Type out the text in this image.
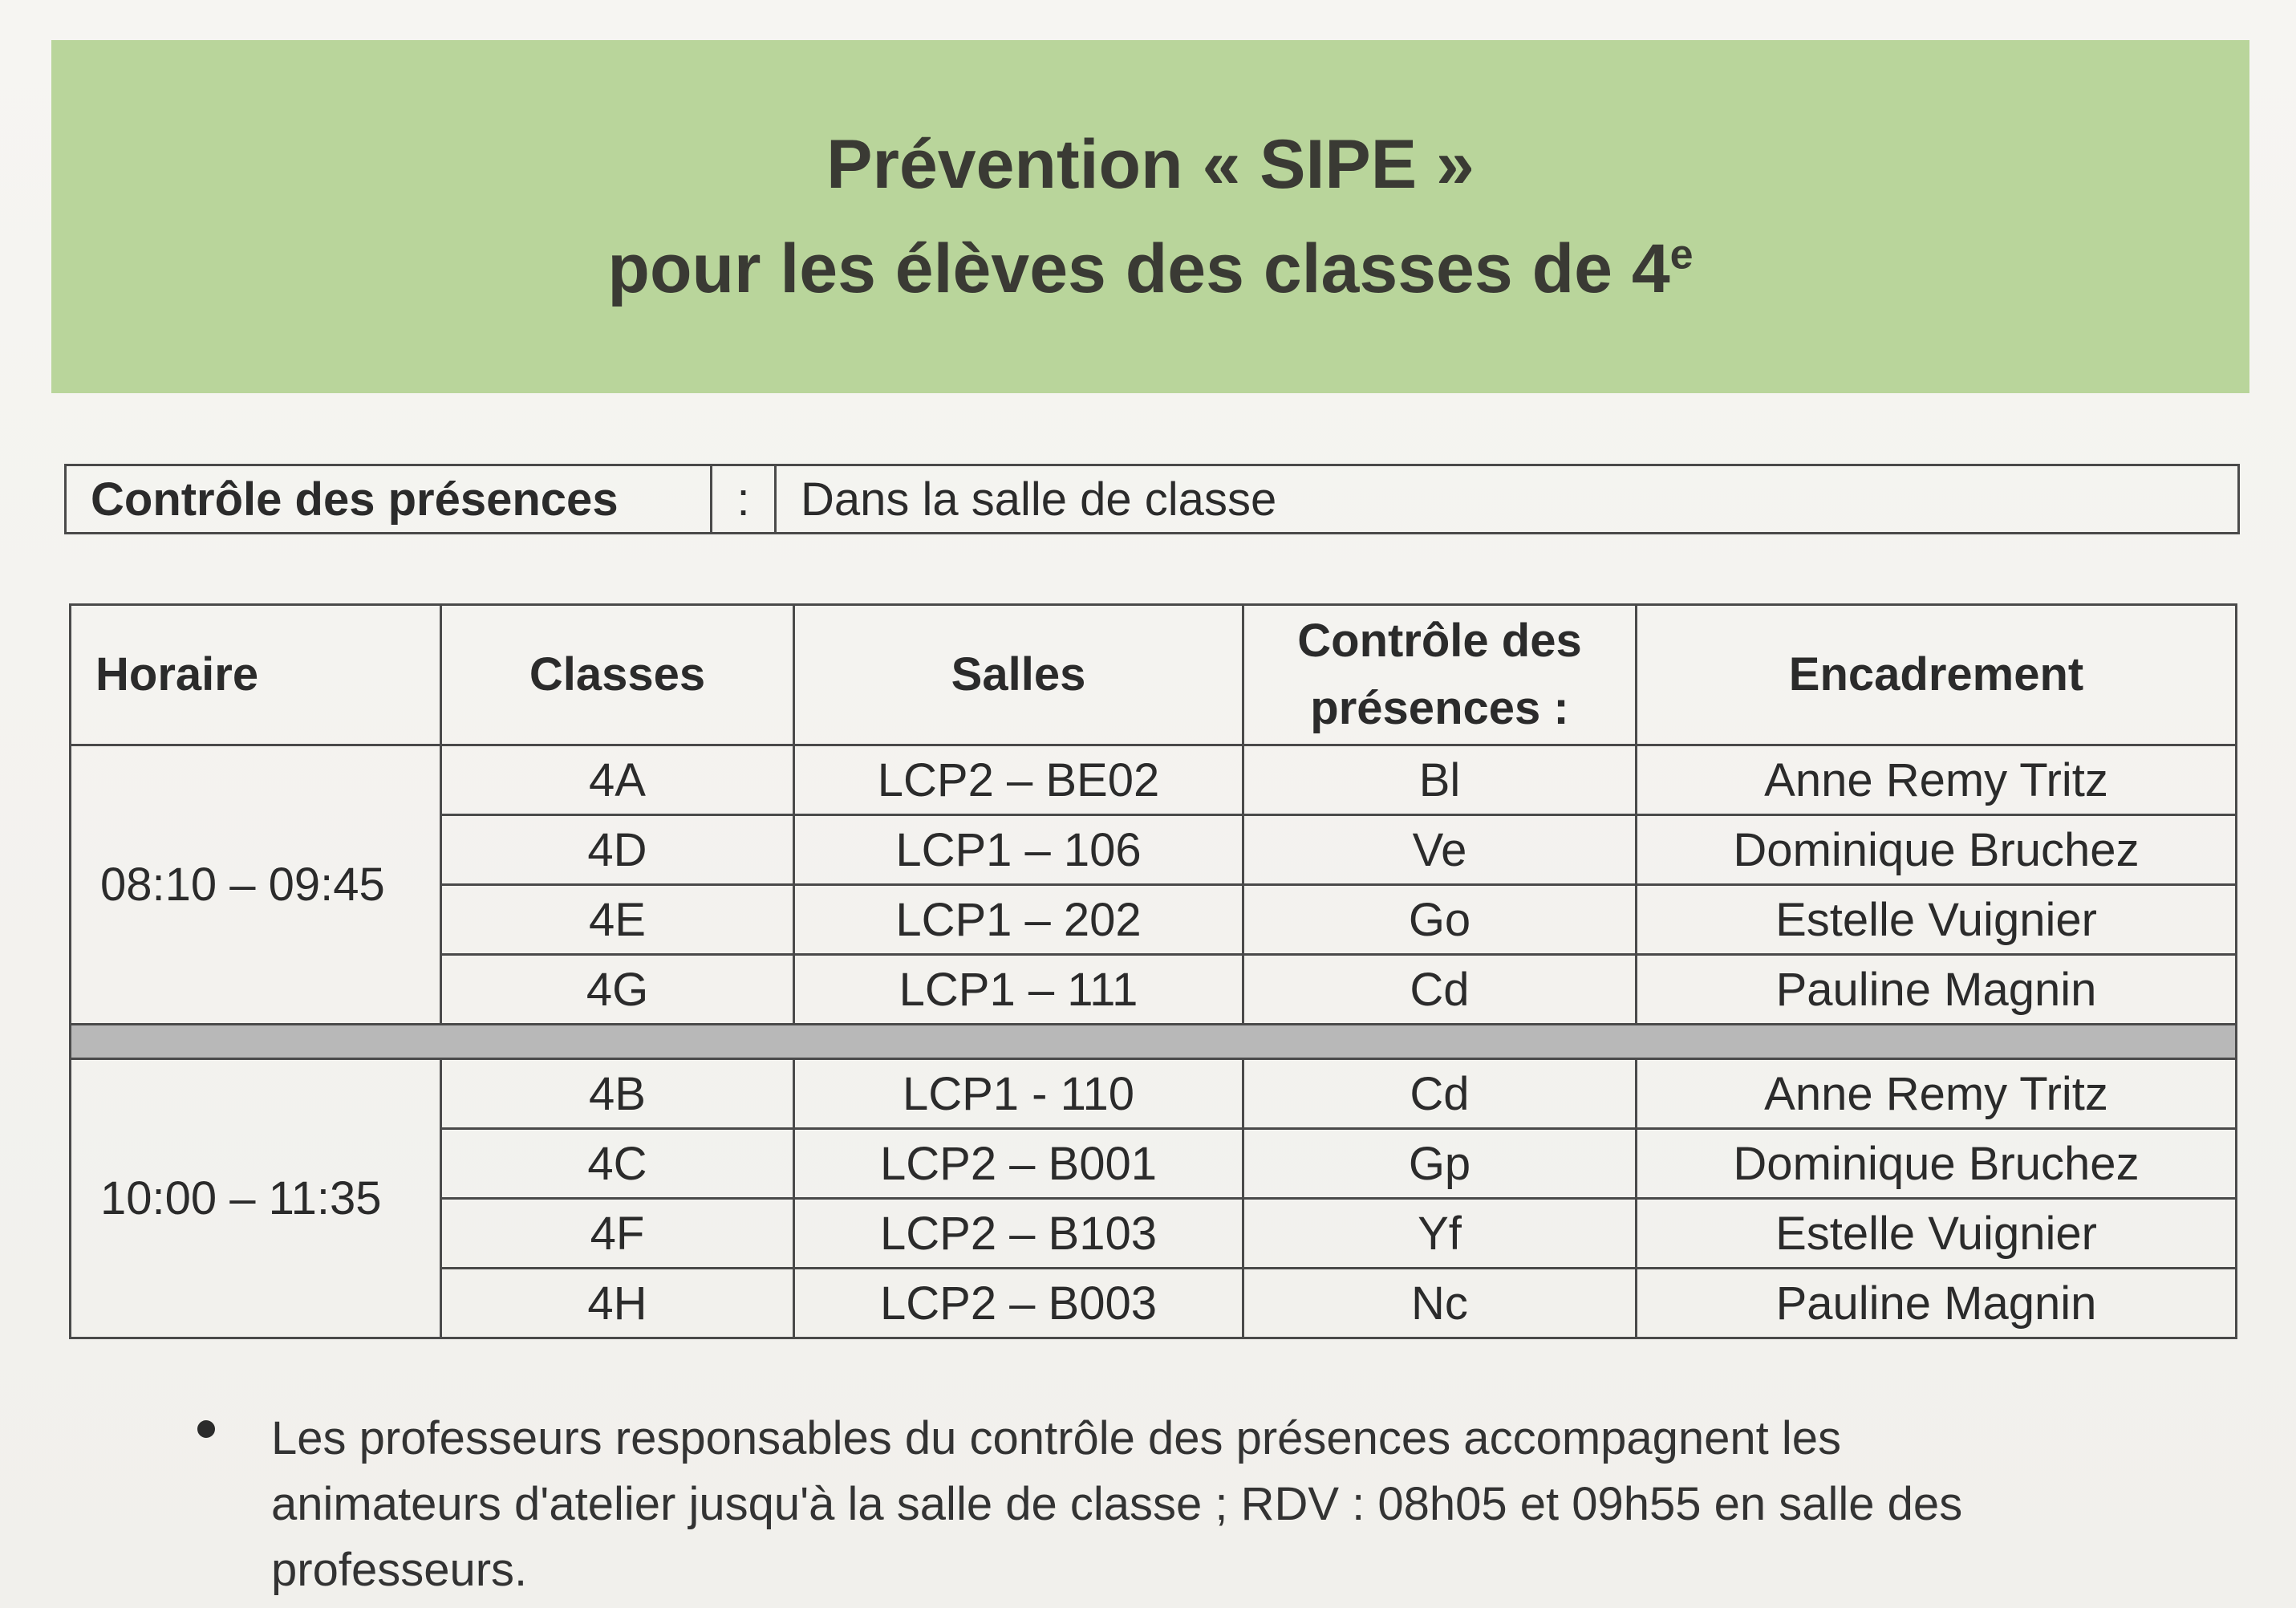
Prévention « SIPE »
pour les élèves des classes de 4e
Contrôle des présences	:	Dans la salle de classe
Horaire	Classes	Salles	Contrôle des présences :	Encadrement
08:10 – 09:45	4A	LCP2 – BE02	Bl	Anne Remy Tritz
	4D	LCP1 – 106	Ve	Dominique Bruchez
	4E	LCP1 – 202	Go	Estelle Vuignier
	4G	LCP1 – 111	Cd	Pauline Magnin

10:00 – 11:35	4B	LCP1 - 110	Cd	Anne Remy Tritz
	4C	LCP2 – B001	Gp	Dominique Bruchez
	4F	LCP2 – B103	Yf	Estelle Vuignier
	4H	LCP2 – B003	Nc	Pauline Magnin
Les professeurs responsables du contrôle des présences accompagnent les animateurs d'atelier jusqu'à la salle de classe ; RDV : 08h05 et 09h55 en salle des professeurs.
